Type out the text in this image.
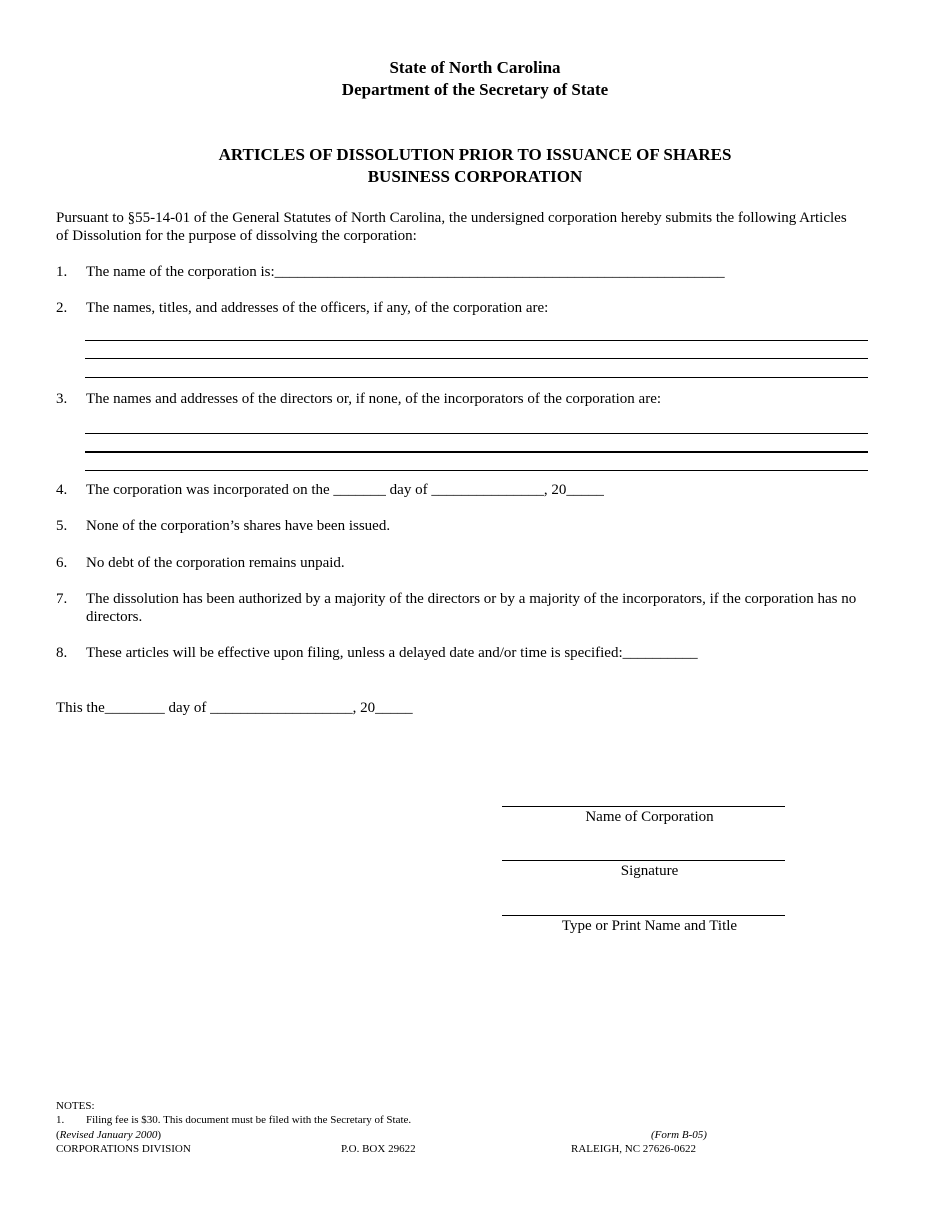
State of North Carolina
Department of the Secretary of State
ARTICLES OF DISSOLUTION PRIOR TO ISSUANCE OF SHARES
BUSINESS CORPORATION
Pursuant to §55-14-01 of the General Statutes of North Carolina, the undersigned corporation hereby submits the following Articles
of Dissolution for the purpose of dissolving the corporation:
1. The name of the corporation is:____________________________________________________________
2. The names, titles, and addresses of the officers, if any, of the corporation are:
3. The names and addresses of the directors or, if none, of the incorporators of the corporation are:
4. The corporation was incorporated on the _______ day of _______________, 20_____
5. None of the corporation’s shares have been issued.
6. No debt of the corporation remains unpaid.
7. The dissolution has been authorized by a majority of the directors or by a majority of the incorporators, if the corporation has no
directors.
8. These articles will be effective upon filing, unless a delayed date and/or time is specified:__________
This the________ day of ___________________, 20_____
Name of Corporation
Signature
Type or Print Name and Title
NOTES:
1. Filing fee is $30. This document must be filed with the Secretary of State.
(Revised January 2000)	(Form B-05)
CORPORATIONS DIVISION	P.O. BOX 29622	RALEIGH, NC 27626-0622
